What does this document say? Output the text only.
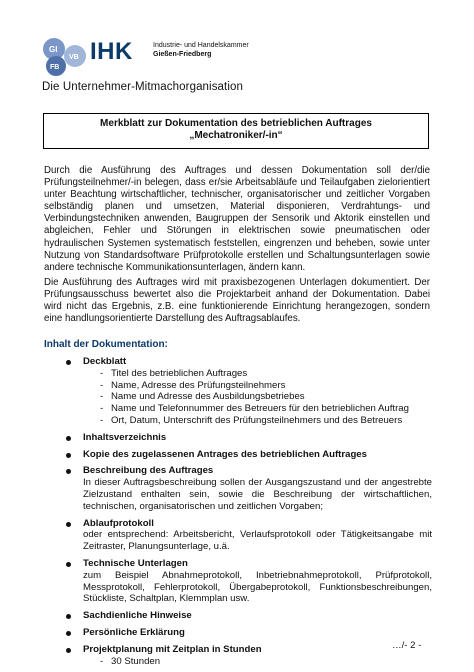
GI
VB
FB
IHK	Industrie- und Handelskammer
Gießen-Friedberg
Die Unternehmer-Mitmachorganisation
Merkblatt zur Dokumentation des betrieblichen Auftrages
„Mechatroniker/-in“
Durch die Ausführung des Auftrages und dessen Dokumentation soll der/die Prüfungsteilnehmer/-in belegen, dass er/sie Arbeitsabläufe und Teilaufgaben zielorientiert unter Beachtung wirtschaftlicher, technischer, organisatorischer und zeitlicher Vorgaben selbständig planen und umsetzen, Material disponieren, Verdrahtungs- und Verbindungstechniken anwenden, Baugruppen der Sensorik und Aktorik einstellen und abgleichen, Fehler und Störungen in elektrischen sowie pneumatischen oder hydraulischen Systemen systematisch feststellen, eingrenzen und beheben, sowie unter Nutzung von Standardsoftware Prüfprotokolle erstellen und Schaltungsunterlagen sowie andere technische Kommunikationsunterlagen, ändern kann.
Die Ausführung des Auftrages wird mit praxisbezogenen Unterlagen dokumentiert. Der Prüfungsausschuss bewertet also die Projektarbeit anhand der Dokumentation. Dabei wird nicht das Ergebnis, z.B. eine funktionierende Einrichtung herangezogen, sondern eine handlungsorientierte Darstellung des Auftragsablaufes.
Inhalt der Dokumentation:
Deckblatt
- Titel des betrieblichen Auftrages
- Name, Adresse des Prüfungsteilnehmers
- Name und Adresse des Ausbildungsbetriebes
- Name und Telefonnummer des Betreuers für den betrieblichen Auftrag
- Ort, Datum, Unterschrift des Prüfungsteilnehmers und des Betreuers
Inhaltsverzeichnis
Kopie des zugelassenen Antrages des betrieblichen Auftrages
Beschreibung des Auftrages
In dieser Auftragsbeschreibung sollen der Ausgangszustand und der angestrebte Zielzustand enthalten sein, sowie die Beschreibung der wirtschaftlichen, technischen, organisatorischen und zeitlichen Vorgaben;
Ablaufprotokoll
oder entsprechend: Arbeitsbericht, Verlaufsprotokoll oder Tätigkeitsangabe mit Zeitraster, Planungsunterlage, u.ä.
Technische Unterlagen
zum Beispiel Abnahmeprotokoll, Inbetriebnahmeprotokoll, Prüfprotokoll, Messprotokoll, Fehlerprotokoll, Übergabeprotokoll, Funktionsbeschreibungen, Stückliste, Schaltplan, Klemmplan usw.
Sachdienliche Hinweise
Persönliche Erklärung
Projektplanung mit Zeitplan in Stunden
- 30 Stunden
…/- 2 -
